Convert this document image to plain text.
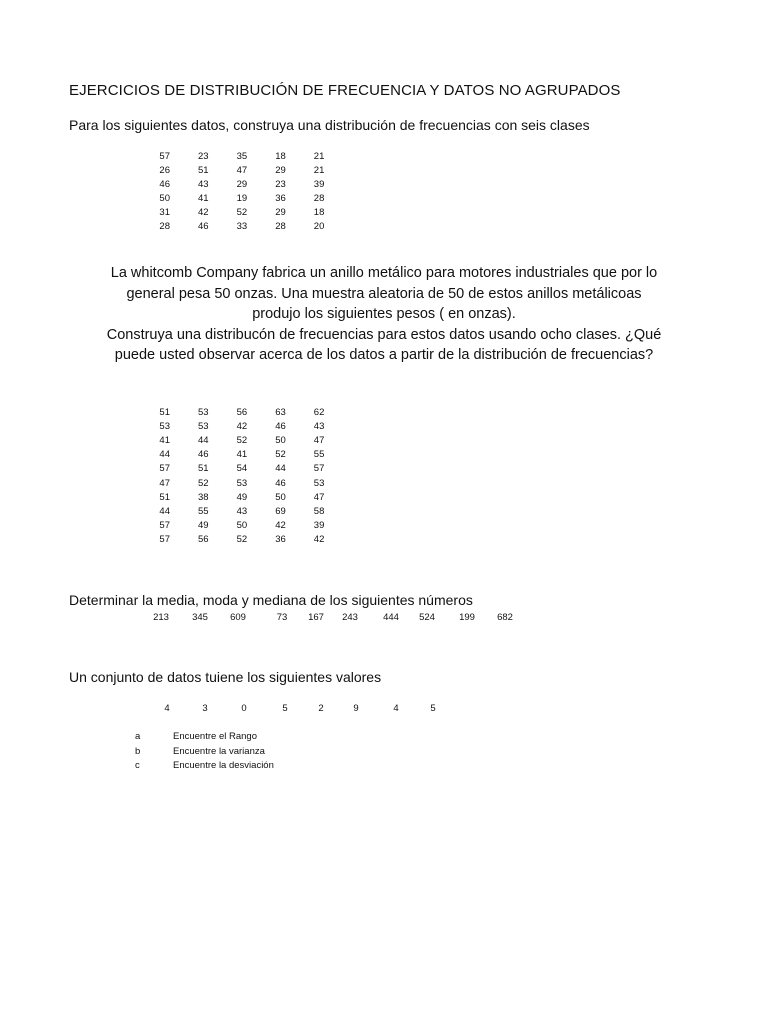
EJERCICIOS DE DISTRIBUCIÓN DE FRECUENCIA Y DATOS NO AGRUPADOS
Para los siguientes datos, construya una distribución de frecuencias con seis clases
57	23	35	18	21
26	51	47	29	21
46	43	29	23	39
50	41	19	36	28
31	42	52	29	18
28	46	33	28	20
La whitcomb Company fabrica un anillo metálico para motores industriales que por lo
general pesa 50 onzas. Una muestra aleatoria de 50 de estos anillos metálicoas
produjo los siguientes pesos ( en onzas).
Construya una distribucón de frecuencias para estos datos usando ocho clases. ¿Qué
puede usted observar acerca de los datos a partir de la distribución de frecuencias?
51	53	56	63	62
53	53	42	46	43
41	44	52	50	47
44	46	41	52	55
57	51	54	44	57
47	52	53	46	53
51	38	49	50	47
44	55	43	69	58
57	49	50	42	39
57	56	52	36	42
Determinar la media, moda y mediana de los siguientes números
213 345 609	73 167 243	444 524	199 682
Un conjunto de datos tuiene los siguientes valores
4	3	0	5	2	9	4	5
a	Encuentre el Rango
b	Encuentre la varianza
c	Encuentre la desviación
